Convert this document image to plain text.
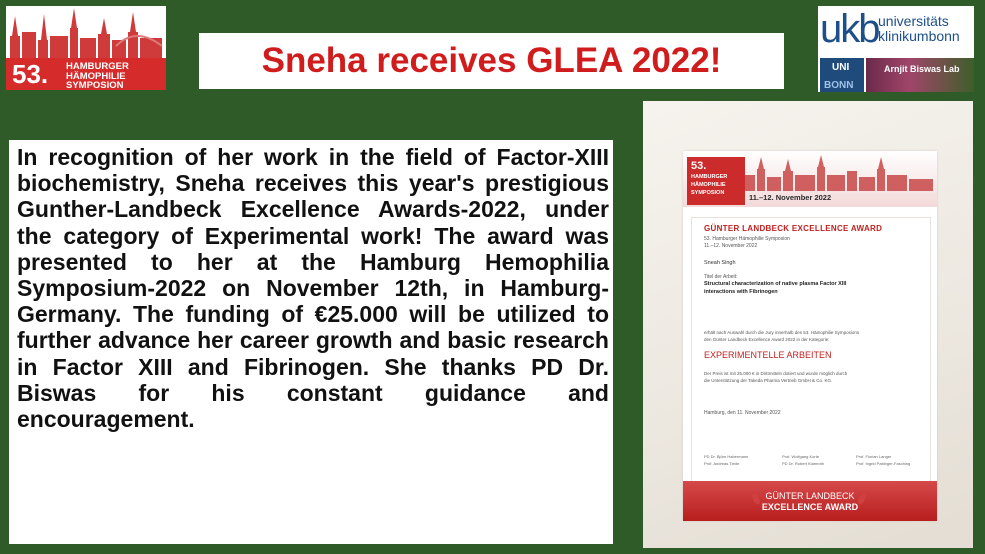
53. HAMBURGER
HÄMOPHILIE
SYMPOSION
Sneha receives GLEA 2022!
ukb universitäts
klinikumbonn
UNI
BONN
Arnjit Biswas Lab

In recognition of her work in the field of Factor-XIII biochemistry, Sneha receives this year's prestigious Gunther-Landbeck Excellence Awards-2022, under the category of Experimental work! The award was presented to her at the Hamburg Hemophilia Symposium-2022 on November 12th, in Hamburg-Germany. The funding of €25.000 will be utilized to further advance her career growth and basic research in Factor XIII and Fibrinogen. She thanks PD Dr. Biswas for his constant guidance and encouragement.

53.
HAMBURGER
HÄMOPHILIE
SYMPOSION	11.–12. November 2022
GÜNTER LANDBECK EXCELLENCE AWARD
53. Hamburger Hämophilie Symposion
11.–12. November 2022
Sneah Singh
Titel der Arbeit:
Structural characterization of native plasma Factor XIII
interactions with Fibrinogen
erhält nach Auswahl durch die Jury innerhalb des 53. Hämophilie Symposions
den Günter Landbeck Excellence Award 2022 in der Kategorie:
EXPERIMENTELLE ARBEITEN
Der Preis ist mit 25.000 € in Drittmitteln dotiert und wurde möglich durch
die Unterstützung der Takeda Pharma Vertrieb GmbH & Co. KG.
Hamburg, den 11. November 2022
PD Dr. Björn Habermann	Prof. Wolfgang Korte	Prof. Florian Langer
Prof. Andreas Tiede	PD Dr. Robert Klamroth	Prof. Ingrid Pabinger-Fasching
GÜNTER LANDBECK
EXCELLENCE AWARD
